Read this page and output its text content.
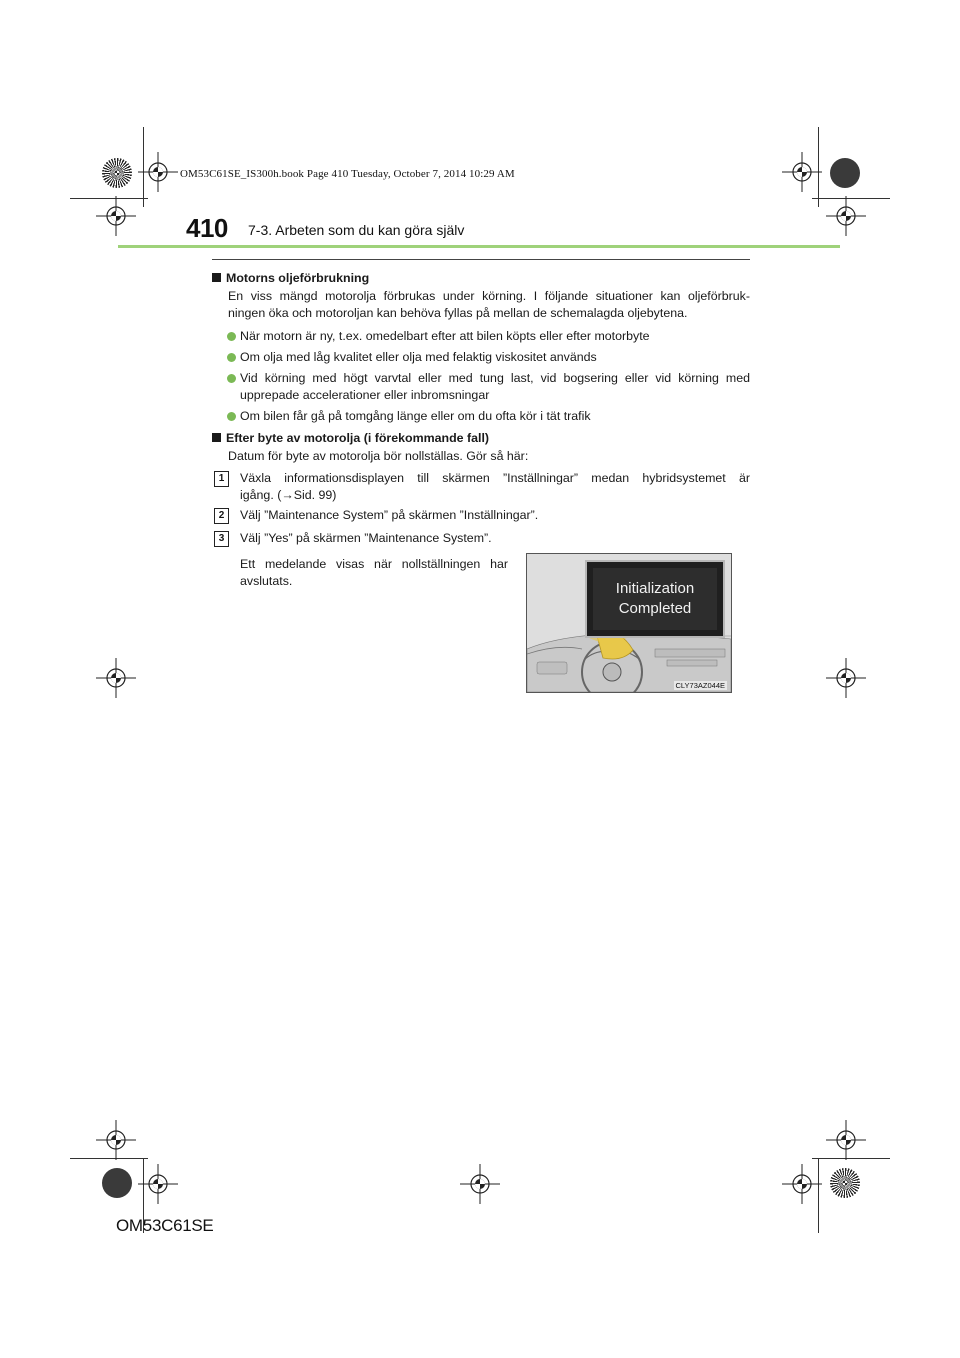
OM53C61SE_IS300h.book Page 410 Tuesday, October 7, 2014 10:29 AM
410 7-3. Arbeten som du kan göra själv
Motorns oljeförbrukning
En viss mängd motorolja förbrukas under körning. I följande situationer kan oljeförbruk-
ningen öka och motoroljan kan behöva fyllas på mellan de schemalagda oljebytena.
När motorn är ny, t.ex. omedelbart efter att bilen köpts eller efter motorbyte
Om olja med låg kvalitet eller olja med felaktig viskositet används
Vid körning med högt varvtal eller med tung last, vid bogsering eller vid körning med
upprepade accelerationer eller inbromsningar
Om bilen får gå på tomgång länge eller om du ofta kör i tät trafik
Efter byte av motorolja (i förekommande fall)
Datum för byte av motorolja bör nollställas. Gör så här:
1	Växla informationsdisplayen till skärmen ”Inställningar” medan hybridsystemet är
igång. (→Sid. 99)
2	Välj ”Maintenance System” på skärmen ”Inställningar”.
3	Välj ”Yes” på skärmen ”Maintenance System”.
Ett medelande visas när nollställningen har
avslutats.	Initialization
Completed
CLY73AZ044E
OM53C61SE
